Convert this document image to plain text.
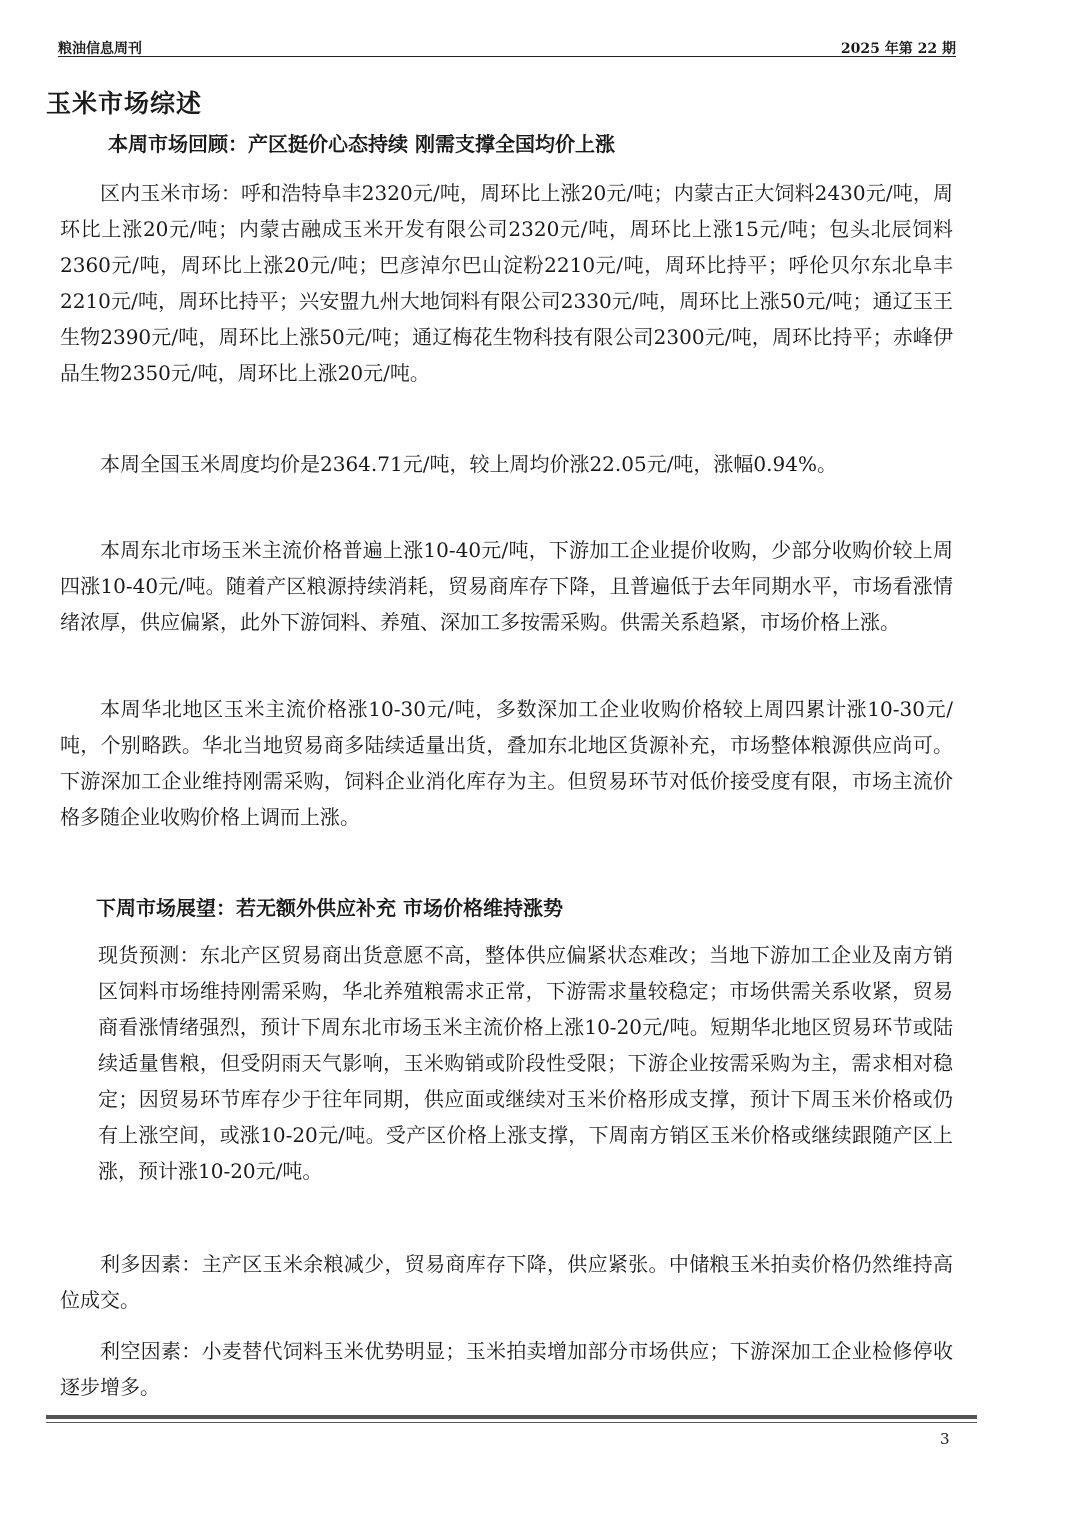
粮油信息周刊	2025 年第 22 期
玉米市场综述
本周市场回顾：产区挺价心态持续 刚需支撑全国均价上涨

区内玉米市场：呼和浩特阜丰2320元/吨，周环比上涨20元/吨；内蒙古正大饲料2430元/吨，周环比上涨20元/吨；内蒙古融成玉米开发有限公司2320元/吨，周环比上涨15元/吨；包头北辰饲料2360元/吨，周环比上涨20元/吨；巴彦淖尔巴山淀粉2210元/吨，周环比持平；呼伦贝尔东北阜丰2210元/吨，周环比持平；兴安盟九州大地饲料有限公司2330元/吨，周环比上涨50元/吨；通辽玉王生物2390元/吨，周环比上涨50元/吨；通辽梅花生物科技有限公司2300元/吨，周环比持平；赤峰伊品生物2350元/吨，周环比上涨20元/吨。

本周全国玉米周度均价是2364.71元/吨，较上周均价涨22.05元/吨，涨幅0.94%。

本周东北市场玉米主流价格普遍上涨10-40元/吨，下游加工企业提价收购，少部分收购价较上周四涨10-40元/吨。随着产区粮源持续消耗，贸易商库存下降，且普遍低于去年同期水平，市场看涨情绪浓厚，供应偏紧，此外下游饲料、养殖、深加工多按需采购。供需关系趋紧，市场价格上涨。

本周华北地区玉米主流价格涨10-30元/吨，多数深加工企业收购价格较上周四累计涨10-30元/吨，个别略跌。华北当地贸易商多陆续适量出货，叠加东北地区货源补充，市场整体粮源供应尚可。下游深加工企业维持刚需采购，饲料企业消化库存为主。但贸易环节对低价接受度有限，市场主流价格多随企业收购价格上调而上涨。

下周市场展望：若无额外供应补充 市场价格维持涨势

现货预测：东北产区贸易商出货意愿不高，整体供应偏紧状态难改；当地下游加工企业及南方销区饲料市场维持刚需采购，华北养殖粮需求正常，下游需求量较稳定；市场供需关系收紧，贸易商看涨情绪强烈，预计下周东北市场玉米主流价格上涨10-20元/吨。短期华北地区贸易环节或陆续适量售粮，但受阴雨天气影响，玉米购销或阶段性受限；下游企业按需采购为主，需求相对稳定；因贸易环节库存少于往年同期，供应面或继续对玉米价格形成支撑，预计下周玉米价格或仍有上涨空间，或涨10-20元/吨。受产区价格上涨支撑，下周南方销区玉米价格或继续跟随产区上涨，预计涨10-20元/吨。

利多因素：主产区玉米余粮减少，贸易商库存下降，供应紧张。中储粮玉米拍卖价格仍然维持高位成交。

利空因素：小麦替代饲料玉米优势明显；玉米拍卖增加部分市场供应；下游深加工企业检修停收逐步增多。

3
